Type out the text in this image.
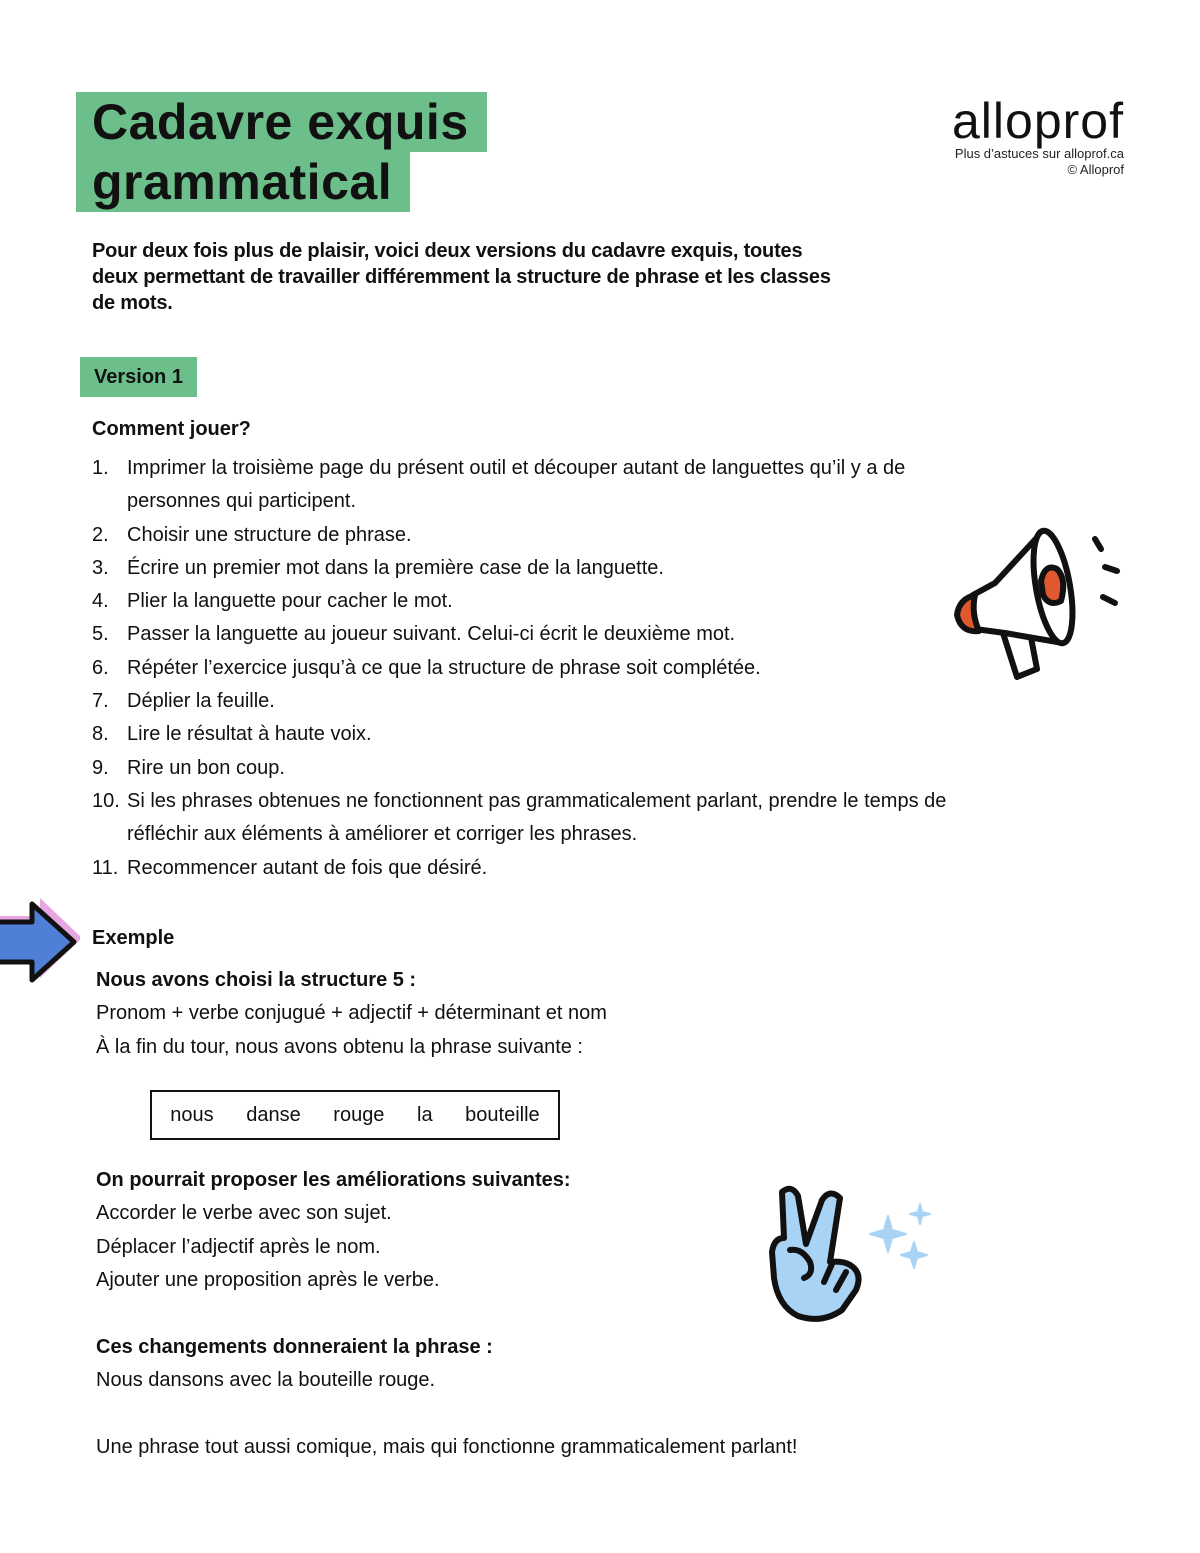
Cadavre exquis
grammatical
alloprof
Plus d’astuces sur alloprof.ca
© Alloprof
Pour deux fois plus de plaisir, voici deux versions du cadavre exquis, toutes deux permettant de travailler différemment la structure de phrase et les classes de mots.
Version 1
Comment jouer?
1. Imprimer la troisième page du présent outil et découper autant de languettes qu’il y a de personnes qui participent.
2. Choisir une structure de phrase.
3. Écrire un premier mot dans la première case de la languette.
4. Plier la languette pour cacher le mot.
5. Passer la languette au joueur suivant. Celui-ci écrit le deuxième mot.
6. Répéter l’exercice jusqu’à ce que la structure de phrase soit complétée.
7. Déplier la feuille.
8. Lire le résultat à haute voix.
9. Rire un bon coup.
10. Si les phrases obtenues ne fonctionnent pas grammaticalement parlant, prendre le temps de réfléchir aux éléments à améliorer et corriger les phrases.
11. Recommencer autant de fois que désiré.
Exemple
Nous avons choisi la structure 5 :
Pronom + verbe conjugué + adjectif + déterminant et nom
À la fin du tour, nous avons obtenu la phrase suivante :
nous danse rouge la bouteille
On pourrait proposer les améliorations suivantes:
Accorder le verbe avec son sujet.
Déplacer l’adjectif après le nom.
Ajouter une proposition après le verbe.
Ces changements donneraient la phrase :
Nous dansons avec la bouteille rouge.
Une phrase tout aussi comique, mais qui fonctionne grammaticalement parlant!
